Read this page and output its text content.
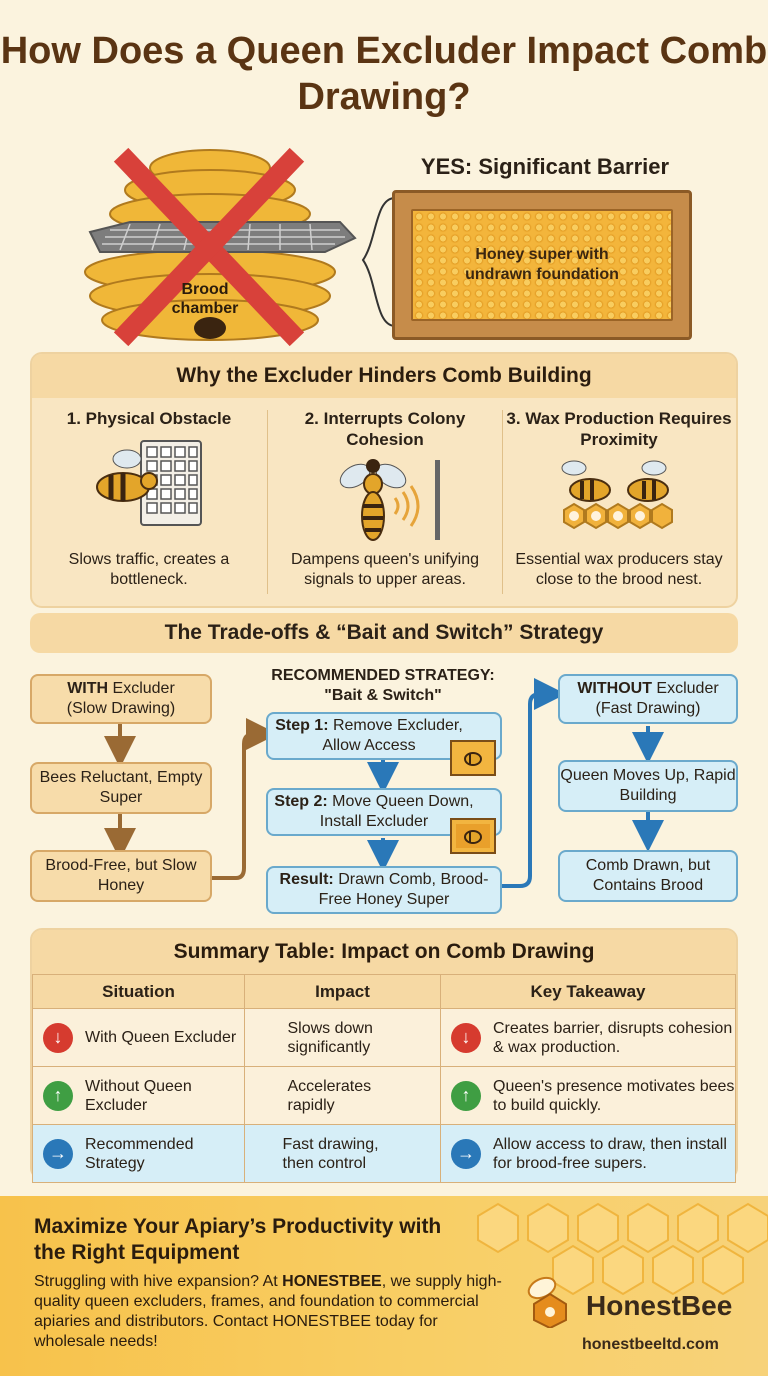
How Does a Queen Excluder Impact Comb Drawing?
Brood chamber
YES: Significant Barrier
Honey super with undrawn foundation
Why the Excluder Hinders Comb Building
1. Physical Obstacle
Slows traffic, creates a bottleneck.
2. Interrupts Colony Cohesion
Dampens queen's unifying signals to upper areas.
3. Wax Production Requires Proximity
Essential wax producers stay close to the brood nest.
The Trade-offs & “Bait and Switch” Strategy
WITH Excluder
(Slow Drawing)
Bees Reluctant, Empty Super
Brood-Free, but Slow Honey
RECOMMENDED STRATEGY:
"Bait & Switch"
Step 1: Remove Excluder, Allow Access
Step 2: Move Queen Down, Install Excluder
Result: Drawn Comb, Brood-Free Honey Super
WITHOUT Excluder
(Fast Drawing)
Queen Moves Up, Rapid Building
Comb Drawn, but Contains Brood
Summary Table: Impact on Comb Drawing
Situation	Impact	Key Takeaway

↓ With Queen Excluder	Slows down significantly	↓ Creates barrier, disrupts cohesion & wax production.

↑ Without Queen Excluder	Accelerates rapidly	↑ Queen's presence motivates bees to build quickly.

→ Recommended Strategy	Fast drawing, then control	→ Allow access to draw, then install for brood-free supers.
Maximize Your Apiary’s Productivity with the Right Equipment
Struggling with hive expansion? At HONESTBEE, we supply high-quality queen excluders, frames, and foundation to commercial apiaries and distributors. Contact HONESTBEE today for wholesale needs!
HonestBee
honestbeeltd.com
